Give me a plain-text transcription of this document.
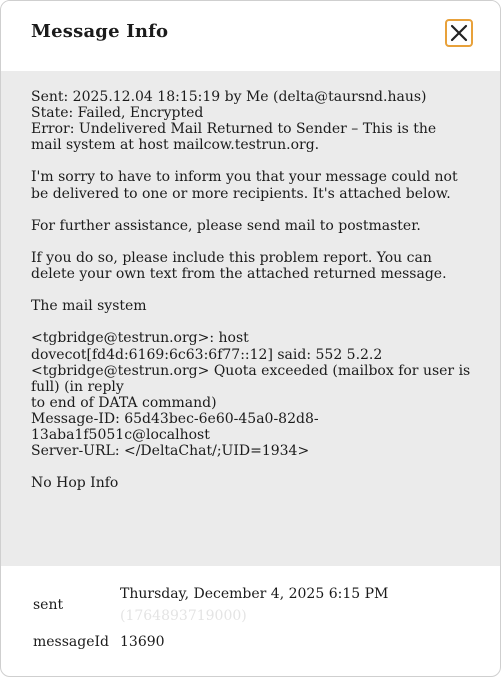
Message Info
Sent: 2025.12.04 18:15:19 by Me (delta@taursnd.haus)
State: Failed, Encrypted
Error: Undelivered Mail Returned to Sender – This is the mail system at host mailcow.testrun.org.

I'm sorry to have to inform you that your message could not
be delivered to one or more recipients. It's attached below.

For further assistance, please send mail to postmaster.

If you do so, please include this problem report. You can delete your own text from the attached returned message.

The mail system

<tgbridge@testrun.org>: host dovecot[fd4d:6169:6c63:6f77::12] said: 552 5.2.2
<tgbridge@testrun.org> Quota exceeded (mailbox for user is full) (in reply
to end of DATA command)
Message-ID: 65d43bec-6e60-45a0-82d8-13aba1f5051c@localhost
Server-URL: </DeltaChat/;UID=1934>

No Hop Info
sent
Thursday, December 4, 2025 6:15 PM
(1764893719000)
messageId 13690
